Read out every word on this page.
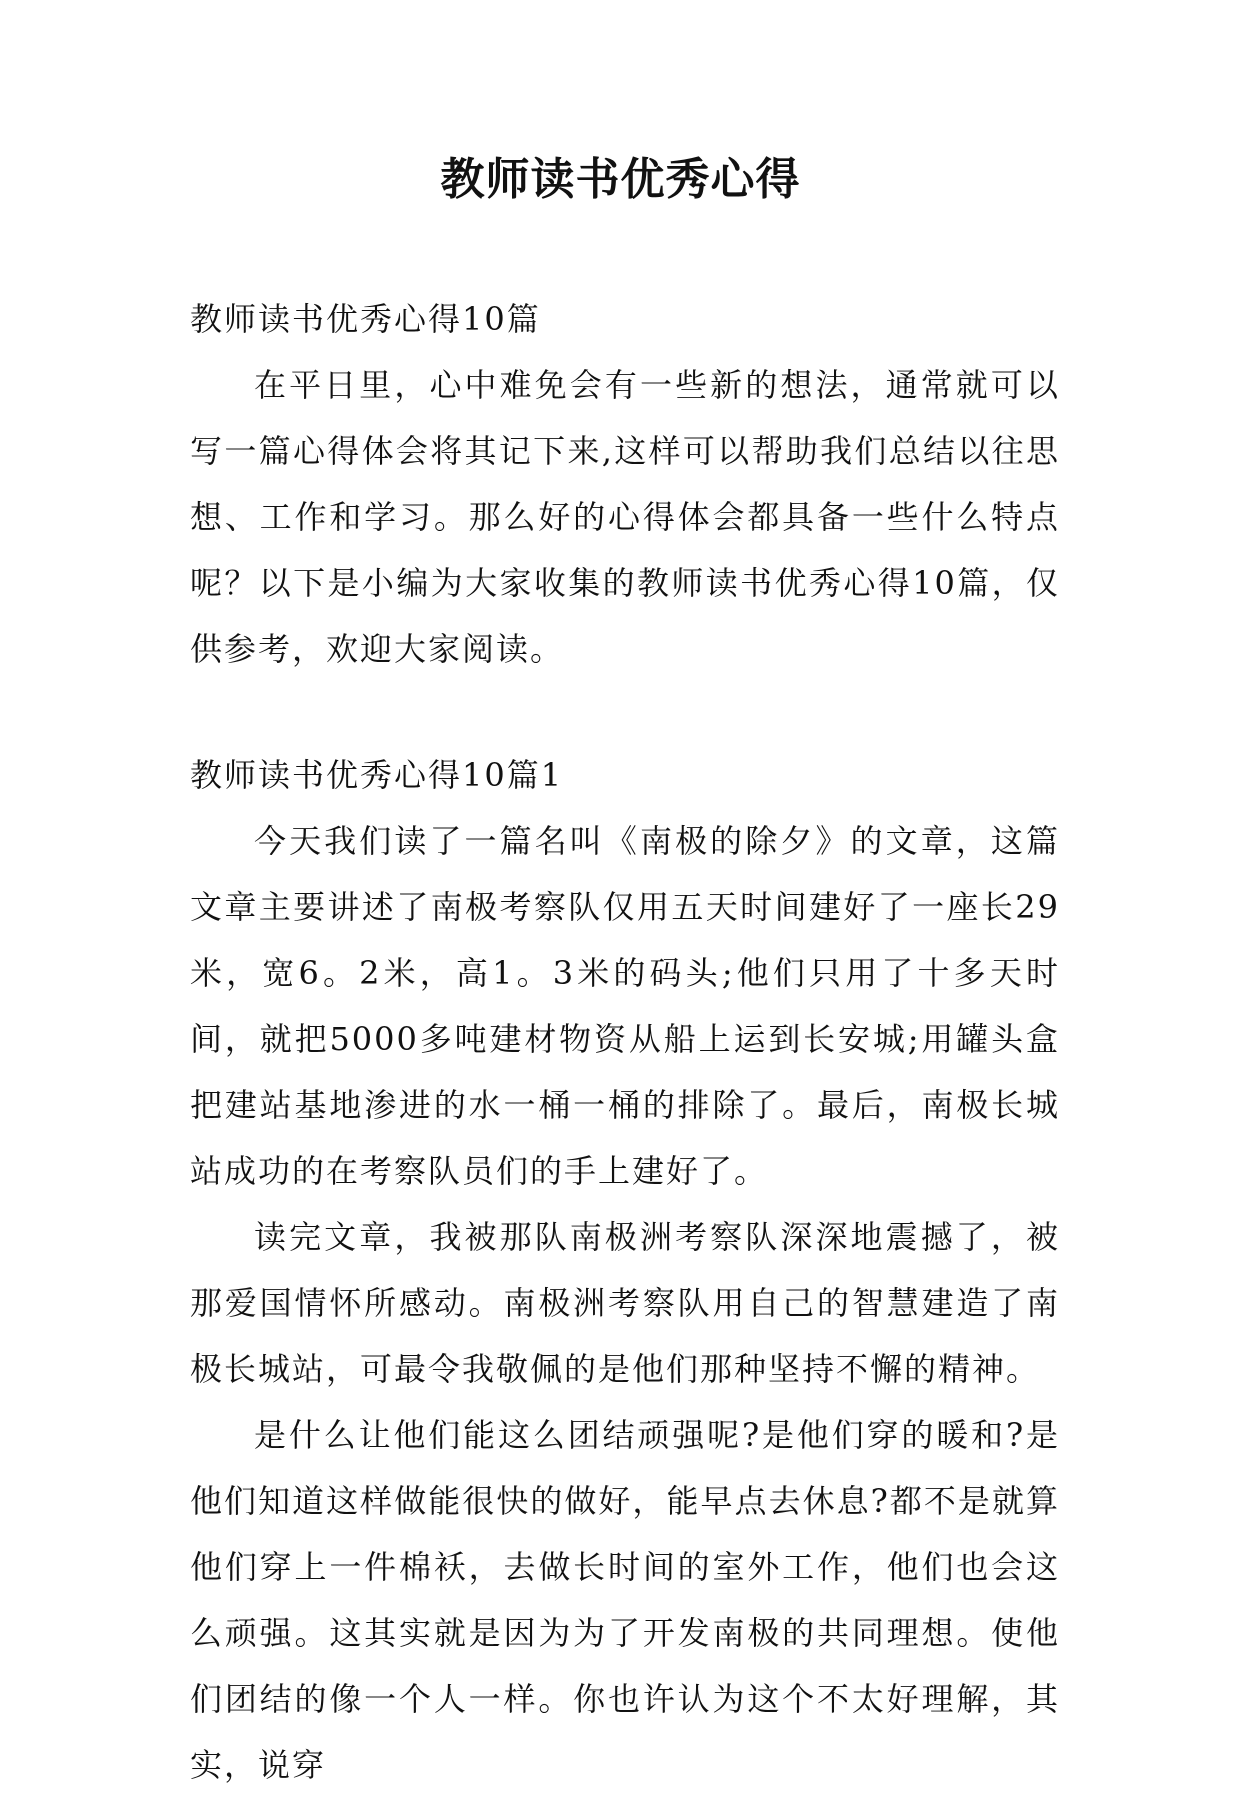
教师读书优秀心得

教师读书优秀心得10篇

在平日里，心中难免会有一些新的想法，通常就可以写一篇心得体会将其记下来,这样可以帮助我们总结以往思想、工作和学习。那么好的心得体会都具备一些什么特点呢？以下是小编为大家收集的教师读书优秀心得10篇，仅供参考，欢迎大家阅读。

教师读书优秀心得10篇1

今天我们读了一篇名叫《南极的除夕》的文章，这篇文章主要讲述了南极考察队仅用五天时间建好了一座长29米，宽6。2米，高1。3米的码头;他们只用了十多天时间，就把5000多吨建材物资从船上运到长安城;用罐头盒把建站基地渗进的水一桶一桶的排除了。最后，南极长城站成功的在考察队员们的手上建好了。

读完文章，我被那队南极洲考察队深深地震撼了，被那爱国情怀所感动。南极洲考察队用自己的智慧建造了南极长城站，可最令我敬佩的是他们那种坚持不懈的精神。

是什么让他们能这么团结顽强呢?是他们穿的暖和?是他们知道这样做能很快的做好，能早点去休息?都不是就算他们穿上一件棉袄，去做长时间的室外工作，他们也会这么顽强。这其实就是因为为了开发南极的共同理想。使他们团结的像一个人一样。你也许认为这个不太好理解，其实，说穿
